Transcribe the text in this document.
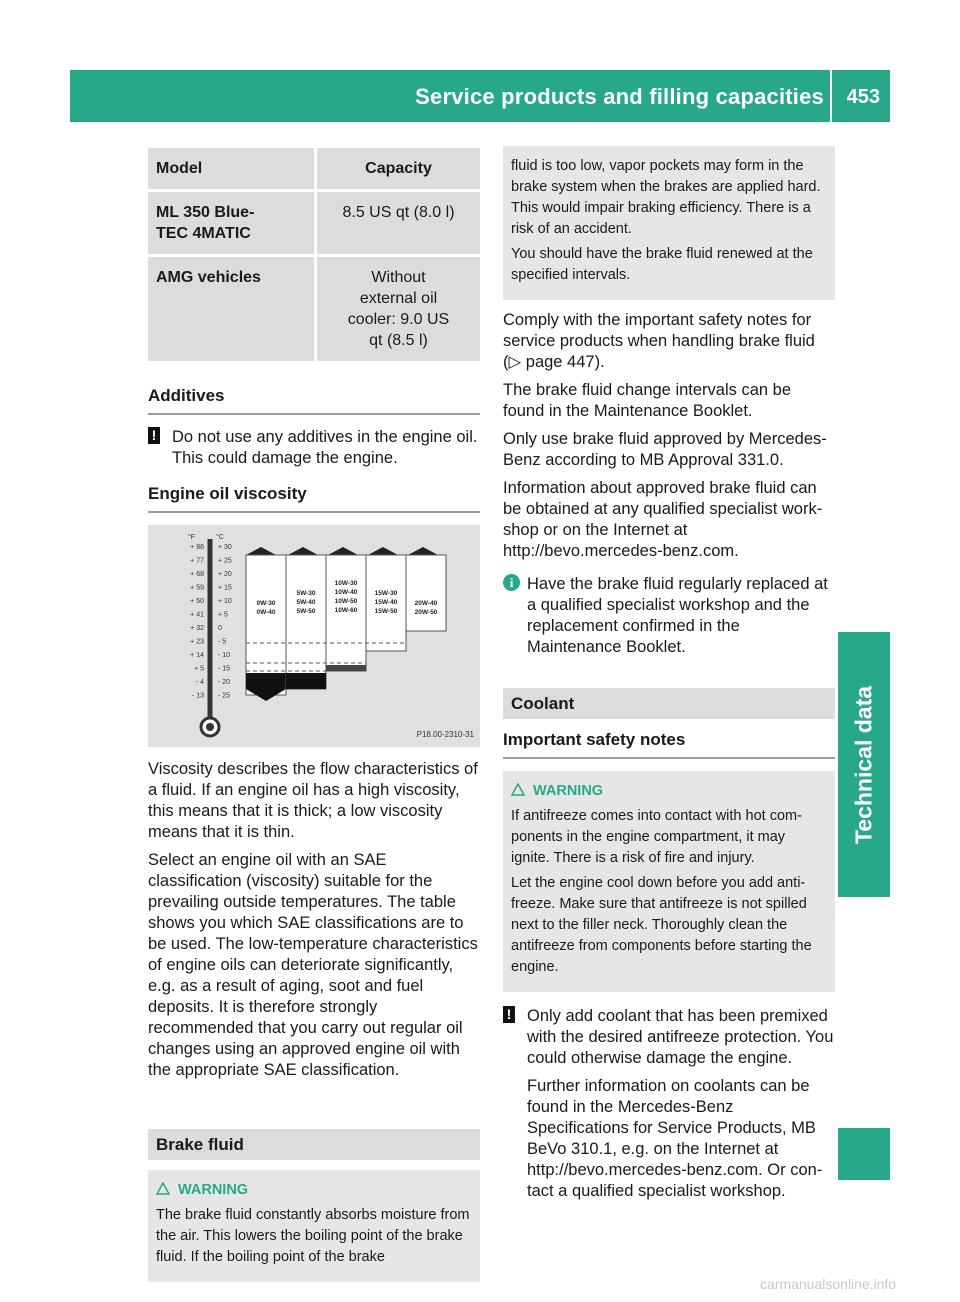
Service products and filling capacities 453
Technical data
Model	Capacity
ML 350 Blue-
TEC 4MATIC	8.5 US qt (8.0 l)
AMG vehicles	Without external oil cooler: 9.0 US qt (8.5 l)
Additives
! Do not use any additives in the engine oil. This could damage the engine.
Engine oil viscosity
°F	°C
+ 86 + 30
+ 77 + 25
+ 68 + 20
+ 59 + 15
+ 50 + 10
+ 41 + 5
+ 32 0
+ 23 - 5
+ 14 - 10
+ 5 - 15
- 4 - 20
- 13 - 25
0W-30
0W-40
5W-30
5W-40
5W-50
10W-30
10W-40
10W-50
10W-60
15W-30
15W-40
15W-50
20W-40
20W-50
P18.00-2310-31

Viscosity describes the flow characteristics of a fluid. If an engine oil has a high viscosity, this means that it is thick; a low viscosity means that it is thin.

Select an engine oil with an SAE classification (viscosity) suitable for the prevailing outside temperatures. The table shows you which SAE classifications are to be used. The low-temperature characteristics of engine oils can deteriorate significantly, e.g. as a result of aging, soot and fuel deposits. It is therefore strongly recommended that you carry out regular oil changes using an approved engine oil with the appropriate SAE classification.

Brake fluid
WARNING

The brake fluid constantly absorbs moisture from the air. This lowers the boiling point of the brake fluid. If the boiling point of the brake

fluid is too low, vapor pockets may form in the brake system when the brakes are applied hard. This would impair braking efficiency. There is a risk of an accident.

You should have the brake fluid renewed at the specified intervals.

Comply with the important safety notes for service products when handling brake fluid (▷ page 447).

The brake fluid change intervals can be found in the Maintenance Booklet.

Only use brake fluid approved by Mercedes-Benz according to MB Approval 331.0.

Information about approved brake fluid can be obtained at any qualified specialist work-shop or on the Internet at http://bevo.mercedes-benz.com.

i Have the brake fluid regularly replaced at a qualified specialist workshop and the replacement confirmed in the Maintenance Booklet.
Coolant
Important safety notes
WARNING

If antifreeze comes into contact with hot com-ponents in the engine compartment, it may ignite. There is a risk of fire and injury.

Let the engine cool down before you add anti-freeze. Make sure that antifreeze is not spilled next to the filler neck. Thoroughly clean the antifreeze from components before starting the engine.

! Only add coolant that has been premixed with the desired antifreeze protection. You could otherwise damage the engine.

Further information on coolants can be found in the Mercedes-Benz Specifications for Service Products, MB BeVo 310.1, e.g. on the Internet at http://bevo.mercedes-benz.com. Or con-tact a qualified specialist workshop.

carmanualsonline.info
